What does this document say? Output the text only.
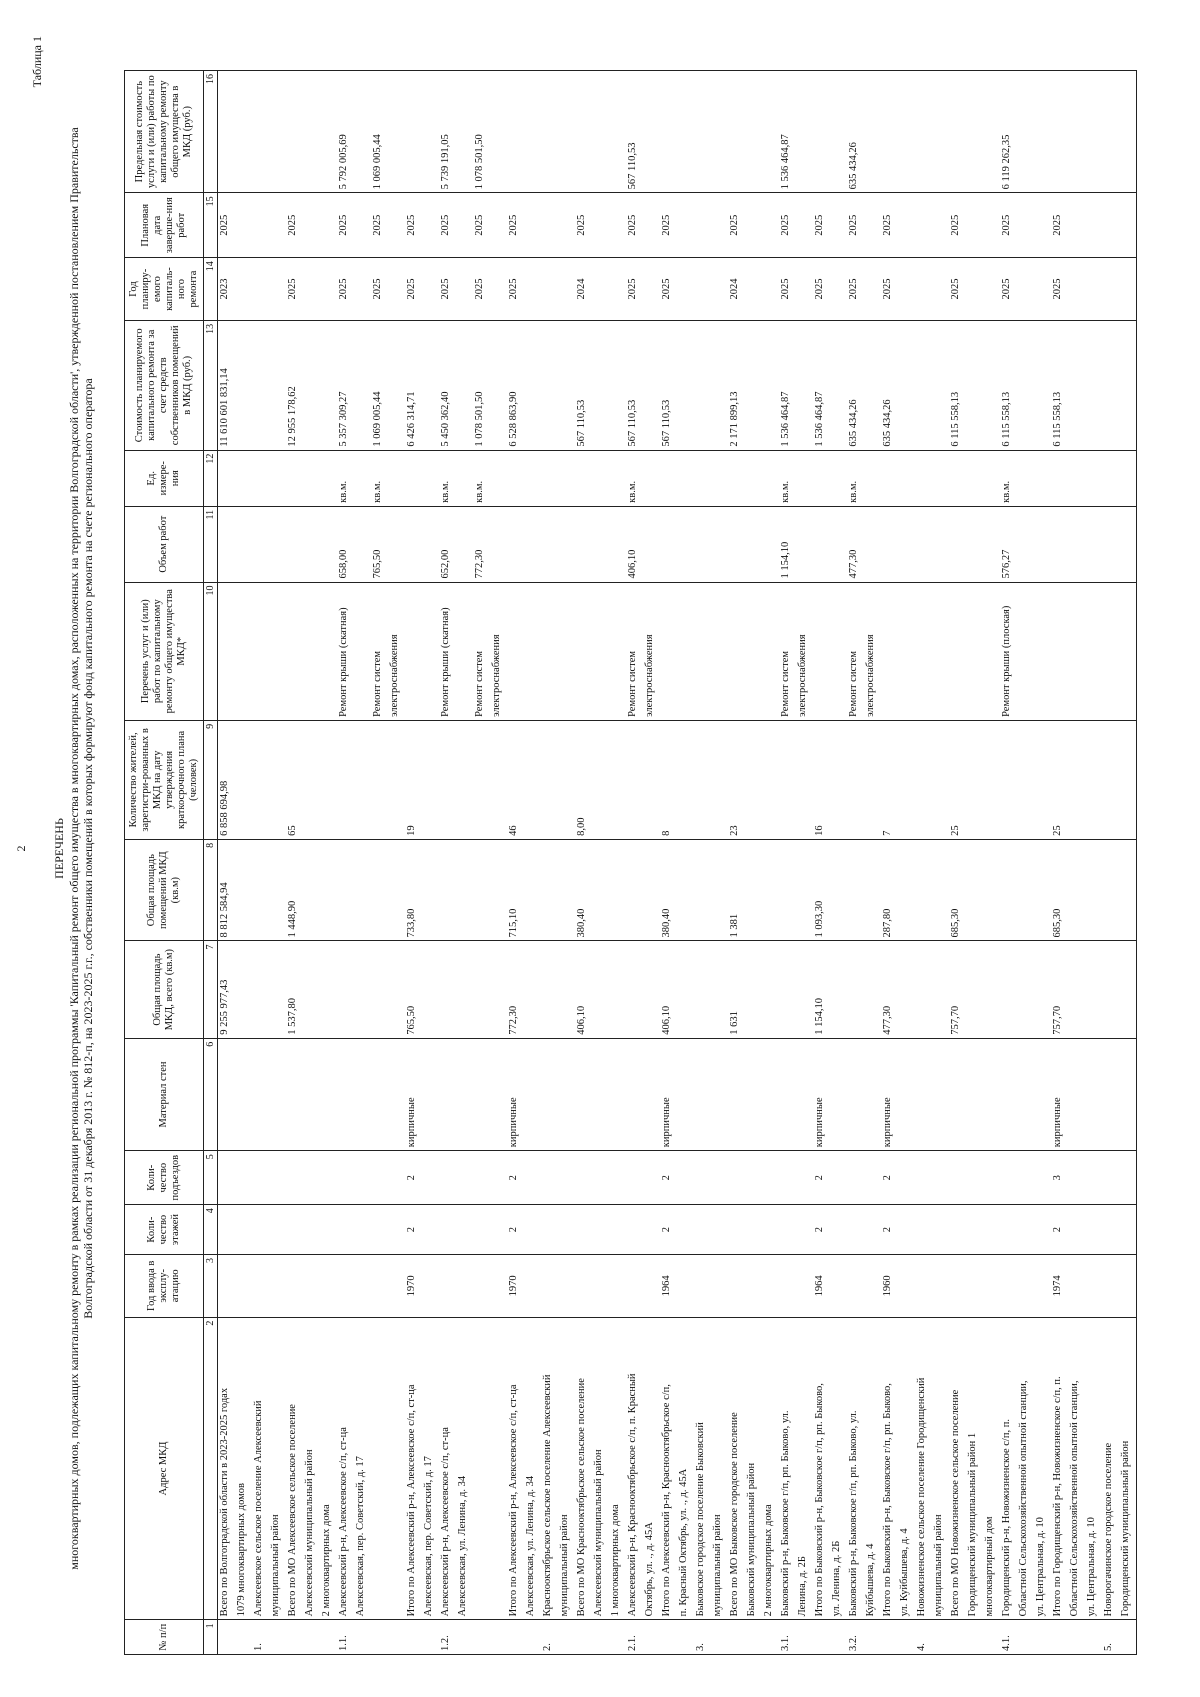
2
Таблица 1
ПЕРЕЧЕНЬ многоквартирных домов, подлежащих капитальному ремонту в рамках реализации региональной программы 'Капитальный ремонт общего имущества в многоквартирных домах, расположенных на территории Волгоградской области', утвержденной постановлением Правительства Волгоградской области от 31 декабря 2013 г. № 812-п, на 2023-2025 г.г., собственники помещений в которых формируют фонд капитального ремонта на счете регионального оператора
№ п/п	Адрес МКД	Год ввода в эксплу-атацию	Коли-чество этажей	Коли-чество подъездов	Материал стен	Общая площадь МКД, всего (кв.м)	Общая площадь помещений МКД (кв.м)	Количество жителей, зарегистри-рованных в МКД на дату утверждения краткосрочного плана (человек)	Перечень услуг и (или) работ по капитальному ремонту общего имущества МКД*	Объем работ	Ед. измере-ния	Стоимость планируемого капитального ремонта за счет средств собственников помещений в МКД (руб.)	Год планиру-емого капиталь-ного ремонта	Плановая дата заверше-ния работ	Предельная стоимость услуги и (или) работы по капитальному ремонту общего имущества в МКД (руб.)
1	2	3	4	5	6	7	8	9	10	11	12	13	14	15	16
	Всего по Волгоградской области в 2023-2025 годах					9 255 977,43	8 812 584,94	6 858 694,98				11 610 601 831,14	2023	2025	
	1079 многоквартирных домов														
1.	Алексеевское сельское поселение Алексеевский														
	муниципальный район														
	Всего по МО Алексеевское сельское поселение					1 537,80	1 448,90	65				12 955 178,62	2025	2025	
	Алексеевский муниципальный район														
	2 многоквартирных дома														
1.1.	Алексеевский р-н, Алексеевское с/п, ст-ца								Ремонт крыши (скатная)	658,00	кв.м.	5 357 309,27	2025	2025	5 792 005,69
	Алексеевская, пер. Советский, д. 17														
									Ремонт систем	765,50	кв.м.	1 069 005,44	2025	2025	1 069 005,44
									электроснабжения						
	Итого по Алексеевский р-н, Алексеевское с/п, ст-ца	1970	2	2	кирпичные	765,50	733,80	19				6 426 314,71	2025	2025	
	Алексеевская, пер. Советский, д. 17														
1.2.	Алексеевский р-н, Алексеевское с/п, ст-ца								Ремонт крыши (скатная)	652,00	кв.м.	5 450 362,40	2025	2025	5 739 191,05
	Алексеевская, ул. Ленина, д. 34														
									Ремонт систем	772,30	кв.м.	1 078 501,50	2025	2025	1 078 501,50
									электроснабжения						
	Итого по Алексеевский р-н, Алексеевское с/п, ст-ца	1970	2	2	кирпичные	772,30	715,10	46				6 528 863,90	2025	2025	
	Алексеевская, ул. Ленина, д. 34														
2.	Краснооктябрьское сельское поселение Алексеевский														
	муниципальный район														
	Всего по МО Краснооктябрьское сельское поселение					406,10	380,40	8,00				567 110,53	2024	2025	
	Алексеевский муниципальный район														
	1 многоквартирных дома														
2.1.	Алексеевский р-н, Краснооктябрьское с/п, п. Красный								Ремонт систем	406,10	кв.м.	567 110,53	2025	2025	567 110,53
	Октябрь, ул. ., д. 45А								электроснабжения						
	Итого по Алексеевский р-н, Краснооктябрьское с/п,	1964	2	2	кирпичные	406,10	380,40	8				567 110,53	2025	2025	
	п. Красный Октябрь, ул. ., д. 45А														
3.	Быковское городское поселение Быковский														
	муниципальный район														
	Всего по МО Быковское городское поселение					1 631	1 381	23				2 171 899,13	2024	2025	
	Быковский муниципальный район														
	2 многоквартирных дома														
3.1.	Быковский р-н, Быковское г/п, рп. Быково, ул.								Ремонт систем	1 154,10	кв.м.	1 536 464,87	2025	2025	1 536 464,87
	Ленина, д. 2Б								электроснабжения						
	Итого по Быковский р-н, Быковское г/п, рп. Быково,	1964	2	2	кирпичные	1 154,10	1 093,30	16				1 536 464,87	2025	2025	
	ул. Ленина, д. 2Б														
3.2.	Быковский р-н, Быковское г/п, рп. Быково, ул.								Ремонт систем	477,30	кв.м.	635 434,26	2025	2025	635 434,26
	Куйбышева, д. 4								электроснабжения						
	Итого по Быковский р-н, Быковское г/п, рп. Быково,	1960	2	2	кирпичные	477,30	287,80	7				635 434,26	2025	2025	
	ул. Куйбышева, д. 4														
4.	Новожизненское сельское поселение Городищенский														
	муниципальный район														
	Всего по МО Новожизненское сельское поселение					757,70	685,30	25				6 115 558,13	2025	2025	
	Городищенский муниципальный район 1														
	многоквартирный дом														
4.1.	Городищенский р-н, Новожизненское с/п, п.								Ремонт крыши (плоская)	576,27	кв.м.	6 115 558,13	2025	2025	6 119 262,35
	Областной Сельскохозяйственной опытной станции,														
	ул. Центральная, д. 10														
	Итого по Городищенский р-н, Новожизненское с/п, п.	1974	2	3	кирпичные	757,70	685,30	25				6 115 558,13	2025	2025	
	Областной Сельскохозяйственной опытной станции,														
	ул. Центральная, д. 10														
5.	Новорогачинское городское поселение														
	Городищенский муниципальный район														
